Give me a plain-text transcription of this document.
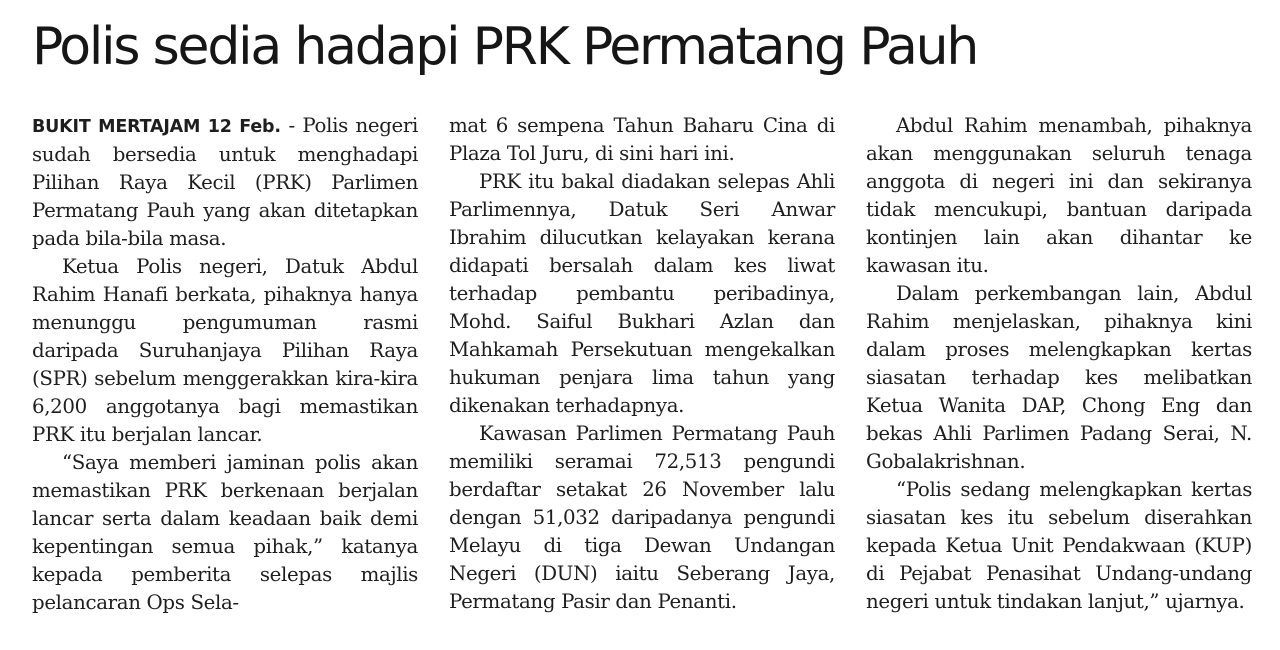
Polis sedia hadapi PRK Permatang Pauh

BUKIT MERTAJAM 12 Feb. - Polis negeri sudah bersedia untuk menghadapi Pilihan Raya Kecil (PRK) Parlimen Permatang Pauh yang akan ditetapkan pada bila-bila masa.

Ketua Polis negeri, Datuk Abdul Rahim Hanafi berkata, pihaknya hanya menunggu pengumuman rasmi daripada Suruhanjaya Pilihan Raya (SPR) sebelum menggerakkan kira-kira 6,200 anggotanya bagi memastikan PRK itu berjalan lancar.

“Saya memberi jaminan polis akan memastikan PRK berkenaan berjalan lancar serta dalam keadaan baik demi kepentingan semua pihak,” katanya kepada pemberita selepas majlis pelancaran Ops Sela-

mat 6 sempena Tahun Baharu Cina di Plaza Tol Juru, di sini hari ini.

PRK itu bakal diadakan selepas Ahli Parlimennya, Datuk Seri Anwar Ibrahim dilucutkan kelayakan kerana didapati bersalah dalam kes liwat terhadap pembantu peribadinya, Mohd. Saiful Bukhari Azlan dan Mahkamah Persekutuan mengekalkan hukuman penjara lima tahun yang dikenakan terhadapnya.

Kawasan Parlimen Permatang Pauh memiliki seramai 72,513 pengundi berdaftar setakat 26 November lalu dengan 51,032 daripadanya pengundi Melayu di tiga Dewan Undangan Negeri (DUN) iaitu Seberang Jaya, Permatang Pasir dan Penanti.

Abdul Rahim menambah, pihaknya akan menggunakan seluruh tenaga anggota di negeri ini dan sekiranya tidak mencukupi, bantuan daripada kontinjen lain akan dihantar ke kawasan itu.

Dalam perkembangan lain, Abdul Rahim menjelaskan, pihaknya kini dalam proses melengkapkan kertas siasatan terhadap kes melibatkan Ketua Wanita DAP, Chong Eng dan bekas Ahli Parlimen Padang Serai, N. Gobalakrishnan.

“Polis sedang melengkapkan kertas siasatan kes itu sebelum diserahkan kepada Ketua Unit Pendakwaan (KUP) di Pejabat Penasihat Undang-undang negeri untuk tindakan lanjut,” ujarnya.
